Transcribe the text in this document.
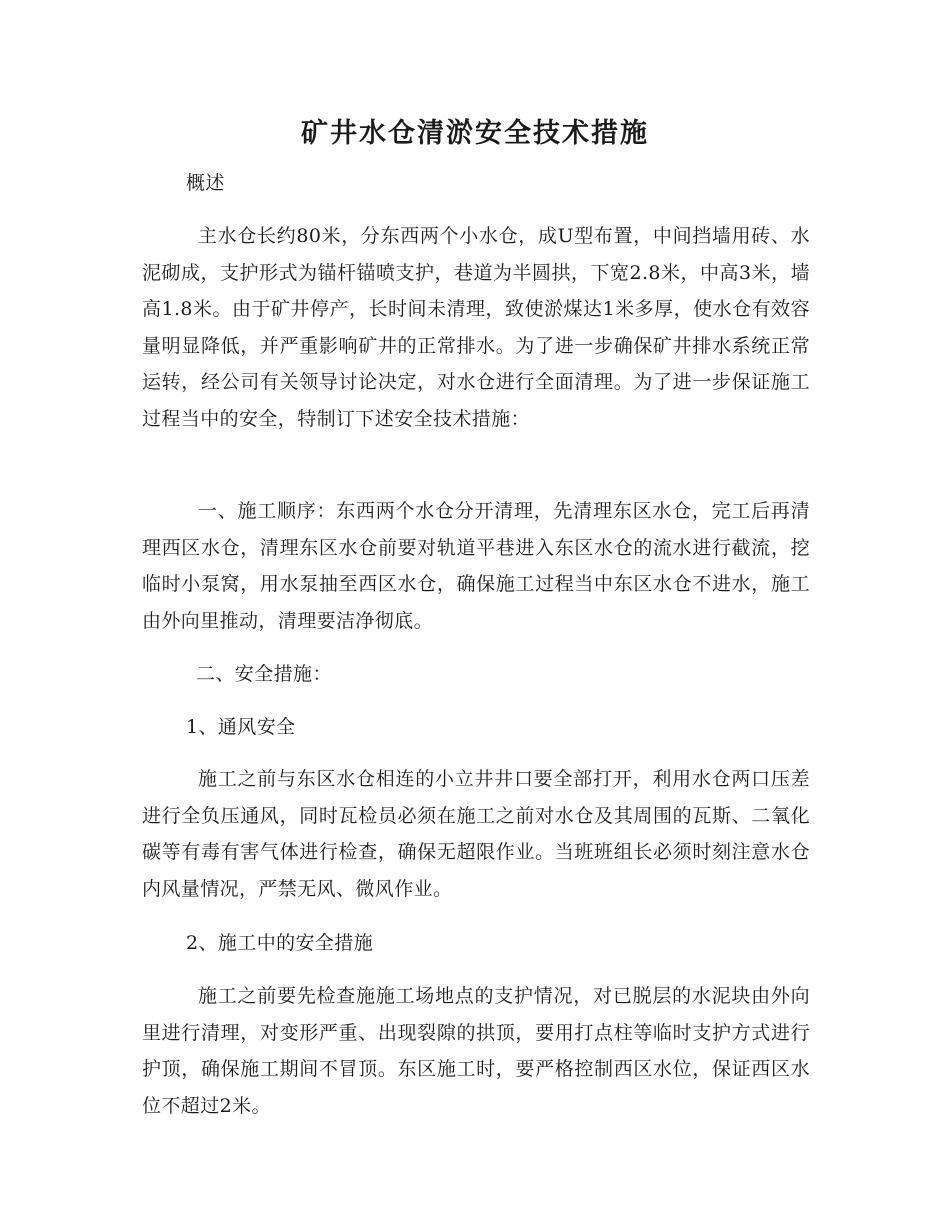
矿井水仓清淤安全技术措施
概述
主水仓长约80米，分东西两个小水仓，成U型布置，中间挡墙用砖、水泥砌成，支护形式为锚杆锚喷支护，巷道为半圆拱，下宽2.8米，中高3米，墙高1.8米。由于矿井停产，长时间未清理，致使淤煤达1米多厚，使水仓有效容量明显降低，并严重影响矿井的正常排水。为了进一步确保矿井排水系统正常运转，经公司有关领导讨论决定，对水仓进行全面清理。为了进一步保证施工过程当中的安全，特制订下述安全技术措施：
一、施工顺序：东西两个水仓分开清理，先清理东区水仓，完工后再清理西区水仓，清理东区水仓前要对轨道平巷进入东区水仓的流水进行截流，挖临时小泵窝，用水泵抽至西区水仓，确保施工过程当中东区水仓不进水，施工由外向里推动，清理要洁净彻底。
二、安全措施：
1、通风安全
施工之前与东区水仓相连的小立井井口要全部打开，利用水仓两口压差进行全负压通风，同时瓦检员必须在施工之前对水仓及其周围的瓦斯、二氧化碳等有毒有害气体进行检查，确保无超限作业。当班班组长必须时刻注意水仓内风量情况，严禁无风、微风作业。
2、施工中的安全措施
施工之前要先检查施施工场地点的支护情况，对已脱层的水泥块由外向里进行清理，对变形严重、出现裂隙的拱顶，要用打点柱等临时支护方式进行护顶，确保施工期间不冒顶。东区施工时，要严格控制西区水位，保证西区水位不超过2米。
